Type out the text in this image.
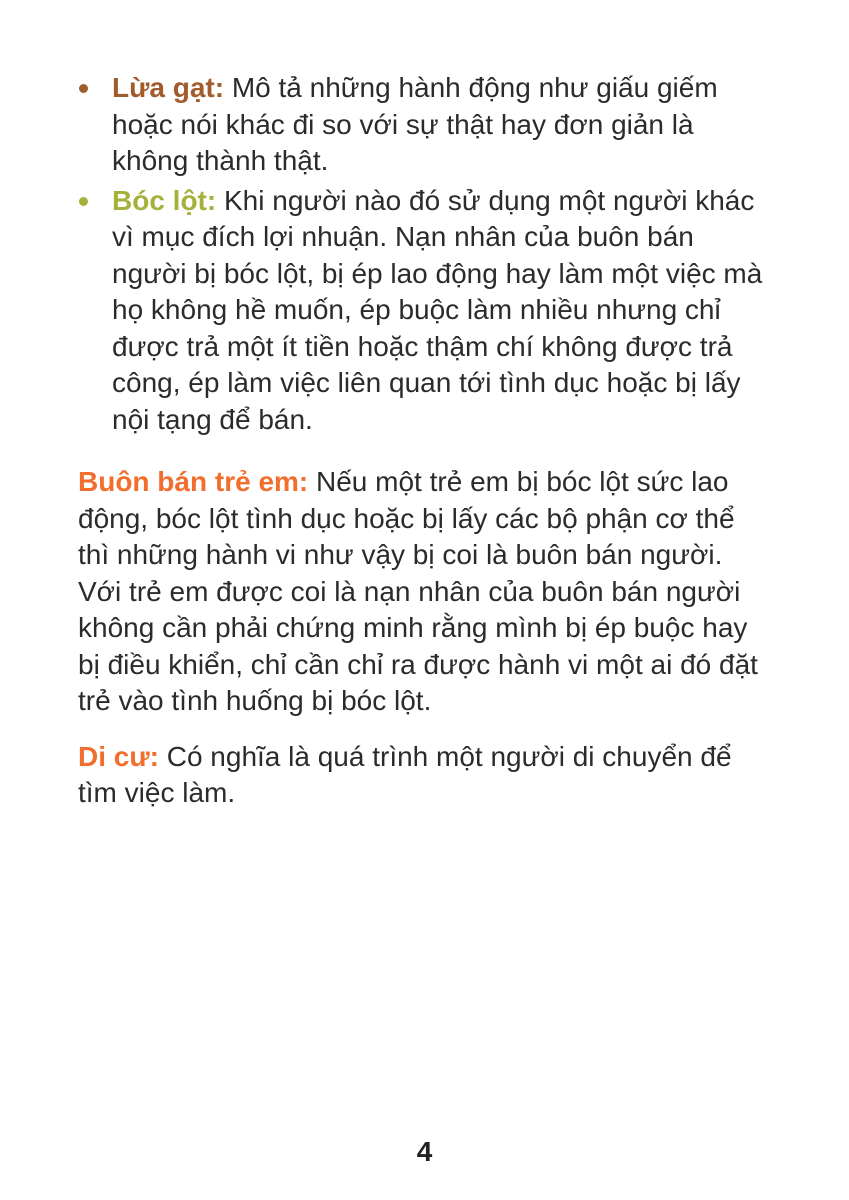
Lừa gạt: Mô tả những hành động như giấu giếm hoặc nói khác đi so với sự thật hay đơn giản là không thành thật.
Bóc lột: Khi người nào đó sử dụng một người khác vì mục đích lợi nhuận. Nạn nhân của buôn bán người bị bóc lột, bị ép lao động hay làm một việc mà họ không hề muốn, ép buộc làm nhiều nhưng chỉ được trả một ít tiền hoặc thậm chí không được trả công, ép làm việc liên quan tới tình dục hoặc bị lấy nội tạng để bán.

Buôn bán trẻ em: Nếu một trẻ em bị bóc lột sức lao động, bóc lột tình dục hoặc bị lấy các bộ phận cơ thể thì những hành vi như vậy bị coi là buôn bán người. Với trẻ em được coi là nạn nhân của buôn bán người không cần phải chứng minh rằng mình bị ép buộc hay bị điều khiển, chỉ cần chỉ ra được hành vi một ai đó đặt trẻ vào tình huống bị bóc lột.

Di cư: Có nghĩa là quá trình một người di chuyển để tìm việc làm.

4
